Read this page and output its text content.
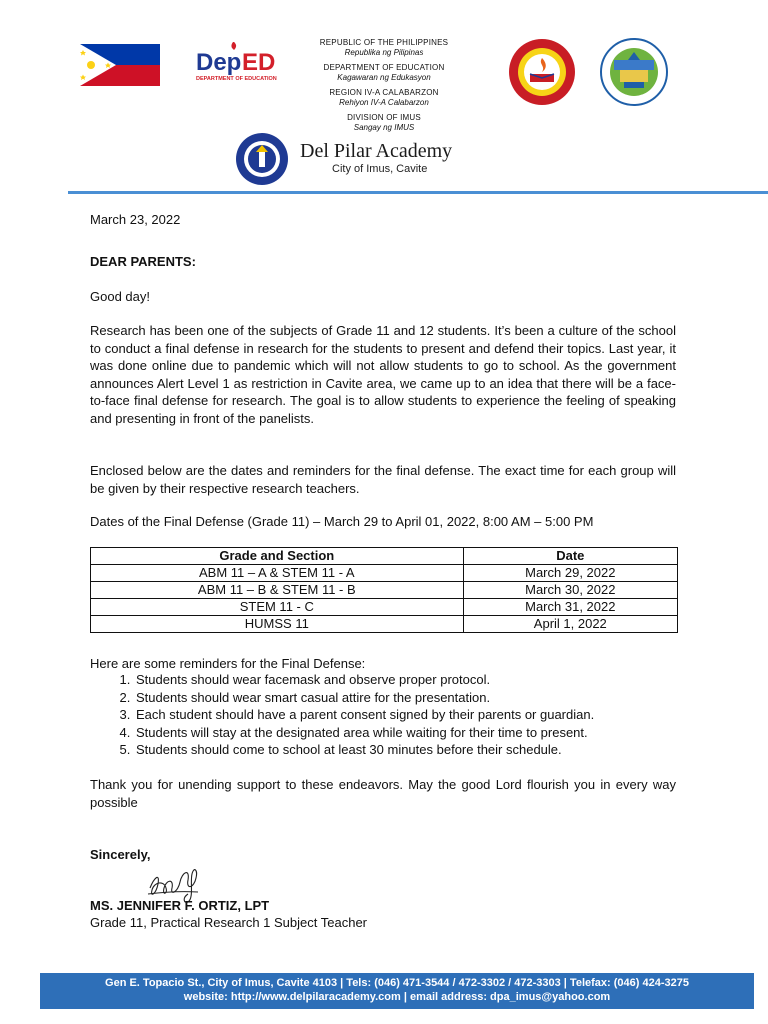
Dep ED
DEPARTMENT OF EDUCATION
REPUBLIC OF THE PHILIPPINES
Republika ng Pilipinas
DEPARTMENT OF EDUCATION
Kagawaran ng Edukasyon
REGION IV-A CALABARZON
Rehiyon IV-A Calabarzon
DIVISION OF IMUS
Sangay ng IMUS
Del Pilar Academy
City of Imus, Cavite
March 23, 2022
DEAR PARENTS:
Good day!
Research has been one of the subjects of Grade 11 and 12 students. It’s been a culture of the school to conduct a final defense in research for the students to present and defend their topics. Last year, it was done online due to pandemic which will not allow students to go to school. As the government announces Alert Level 1 as restriction in Cavite area, we came up to an idea that there will be a face-to-face final defense for research. The goal is to allow students to experience the feeling of speaking and presenting in front of the panelists.
Enclosed below are the dates and reminders for the final defense. The exact time for each group will be given by their respective research teachers.
Dates of the Final Defense (Grade 11) – March 29 to April 01, 2022, 8:00 AM – 5:00 PM
Grade and Section	Date
ABM 11 – A & STEM 11 - A	March 29, 2022
ABM 11 – B & STEM 11 - B	March 30, 2022
STEM 11 - C	March 31, 2022
HUMSS 11	April 1, 2022
Here are some reminders for the Final Defense:
1. Students should wear facemask and observe proper protocol.
2. Students should wear smart casual attire for the presentation.
3. Each student should have a parent consent signed by their parents or guardian.
4. Students will stay at the designated area while waiting for their time to present.
5. Students should come to school at least 30 minutes before their schedule.
Thank you for unending support to these endeavors. May the good Lord flourish you in every way possible
Sincerely,
MS. JENNIFER F. ORTIZ, LPT
Grade 11, Practical Research 1 Subject Teacher
Gen E. Topacio St., City of Imus, Cavite 4103 | Tels: (046) 471-3544 / 472-3302 / 472-3303 | Telefax: (046) 424-3275
website: http://www.delpilaracademy.com | email address: dpa_imus@yahoo.com
